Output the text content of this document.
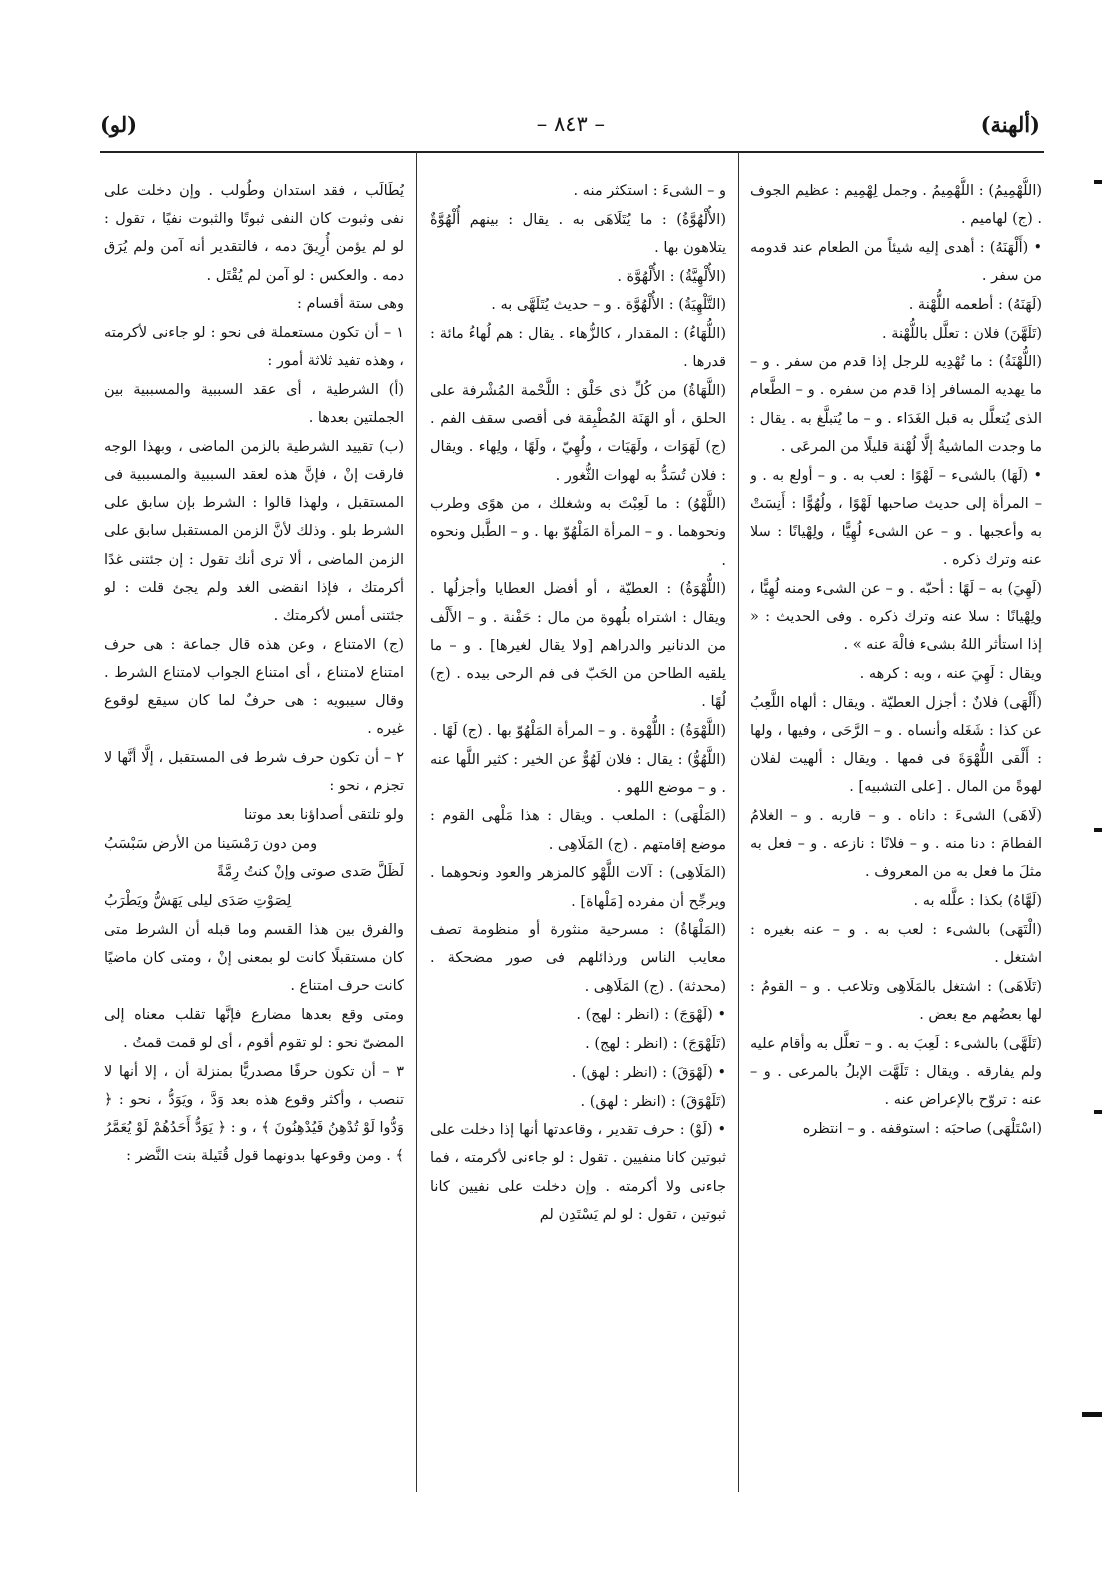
(ألهنة)
– ٨٤٣ –
(لو)

(اللُّهْمِيمُ) : اللُّهْمِيمُ . وجمل لِهْمِيم : عظيم الجوف . (ج) لهاميم .

• (أَلْهَنَهُ) : أهدى إليه شيئاً من الطعام عند قدومه من سفر .

(لَهَنَهُ) : أطعمه اللُّهْنة .

(تَلَهَّنَ) فلان : تعلَّل باللُّهْنة .

(اللُّهْنَةُ) : ما تُهْدِيه للرجل إذا قدم من سفر . و – ما يهديه المسافر إذا قدم من سفره . و – الطَّعام الذى يُتعلَّل به قبل الغَدَاء . و – ما يُتبلَّغ به . يقال : ما وجدت الماشيةُ إلَّا لُهْنة قليلًا من المرعَى .

• (لَهَا) بالشىء – لَهْوًا : لعب به . و – أولع به . و – المرأة إلى حديث صاحبها لَهْوًا ، ولُهُوًّا : أَنِسَتْ به وأعجبها . و – عن الشىء لُهِيًّا ، ولِهْيانًا : سلا عنه وترك ذكره .

(لَهِيَ) به – لَهًا : أحبّه . و – عن الشىء ومنه لُهِيًّا ، ولِهْيانًا : سلا عنه وترك ذكره . وفى الحديث : « إذا استأثر اللهُ بشىء فالْهَ عنه » .

ويقال : لَهِيَ عنه ، وبه : كرهه .

(أَلْهَى) فلانٌ : أجزل العطيّة . ويقال : ألهاه اللَّعِبُ عن كذا : شَغَله وأنساه . و – الرَّحَى ، وفيها ، ولها : أَلْقى اللُّهْوَةَ فى فمها . ويقال : ألهيت لفلان لهوةً من المال . [على التشبيه] .

(لَاهَى) الشىءَ : داناه . و – قاربه . و – الغلامُ الفطامَ : دنا منه . و – فلانًا : نازعه . و – فعل به مثلَ ما فعل به من المعروف .

(لَهَّاهُ) بكذا : علَّله به .

(الْتَهَى) بالشىء : لعب به . و – عنه بغيره : اشتغل .

(تَلَاهَى) : اشتغل بالمَلَاهِى وتلاعب . و – القومُ : لها بعضُهم مع بعض .

(تَلَهَّى) بالشىء : لَعِبَ به . و – تعلَّل به وأقام عليه ولم يفارقه . ويقال : تَلَهَّت الإبلُ بالمرعى . و – عنه : تروّح بالإعراض عنه .

(اسْتَلْهَى) صاحبَه : استوقفه . و – انتظره

و – الشىءَ : استكثر منه .

(الأُلْهُوَّةُ) : ما يُتَلَاهَى به . يقال : بينهم أُلْهُوَّةٌ يتلاهون بها .

(الأُلْهِيَّةُ) : الأُلْهُوَّة .

(التَّلْهِيَةُ) : الأُلْهُوَّة . و – حديث يُتَلَهَّى به .

(اللُّهَاءُ) : المقدار ، كالزُّهاء . يقال : هم لُهاءُ مائة : قدرها .

(اللَّهَاةُ) من كُلِّ ذى حَلْق : اللَّحْمة المُشْرفة على الحلق ، أو الهَنَة المُطْبِقة فى أقصى سقف الفم . (ج) لَهَوَات ، ولَهَيَات ، ولُهِيّ ، ولَهًا ، ولِهاء . ويقال : فلان تُسَدُّ به لهوات الثُّغور .

(اللَّهْوُ) : ما لَعِبْتَ به وشغلك ، من هوًى وطرب ونحوهما . و – المرأة المَلْهُوّ بها . و – الطَّبل ونحوه .

(اللُّهْوَةُ) : العطيّة ، أو أفضل العطايا وأجزلُها . ويقال : اشتراه بلُهوة من مال : حَفْنة . و – الأَلْف من الدنانير والدراهم [ولا يقال لغيرها] . و – ما يلقيه الطاحن من الحَبّ فى فم الرحى بيده . (ج) لُهًا .

(اللَّهْوَةُ) : اللُّهْوة . و – المرأة المَلْهُوّ بها . (ج) لَهًا .

(اللَّهُوُّ) : يقال : فلان لَهُوٌّ عن الخير : كثير اللَّها عنه . و – موضع اللهو .

(المَلْهَى) : الملعب . ويقال : هذا مَلْهى القوم : موضع إقامتهم . (ج) المَلَاهِى .

(المَلَاهِى) : آلات اللَّهْو كالمزهر والعود ونحوهما . ويرجِّح أن مفرده [مَلْهاة] .

(المَلْهَاةُ) : مسرحية منثورة أو منظومة تصف معايب الناس ورذائلهم فى صور مضحكة . (محدثة) . (ج) المَلَاهِى .

• (لَهْوَجَ) : (انظر : لهج) .

(تَلَهْوَجَ) : (انظر : لهج) .

• (لَهْوَقَ) : (انظر : لهق) .

(تَلَهْوَقَ) : (انظر : لهق) .

• (لَوْ) : حرف تقدير ، وقاعدتها أنها إذا دخلت على ثبوتين كانا منفيين . تقول : لو جاءنى لأكرمته ، فما جاءنى ولا أكرمته . وإن دخلت على نفيين كانا ثبوتين ، تقول : لو لم يَسْتَدِن لم

يُطَالَب ، فقد استدان وطُولب . وإن دخلت على نفى وثبوت كان النفى ثبوتًا والثبوت نفيًا ، تقول : لو لم يؤمن أُرِيقَ دمه ، فالتقدير أنه آمن ولم يُرَق دمه . والعكس : لو آمن لم يُقْتَل .

وهى ستة أقسام :

١ – أن تكون مستعملة فى نحو : لو جاءنى لأكرمته ، وهذه تفيد ثلاثة أمور :

(أ) الشرطية ، أى عقد السببية والمسببية بين الجملتين بعدها .

(ب) تقييد الشرطية بالزمن الماضى ، وبهذا الوجه فارقت إنْ ، فإنَّ هذه لعقد السببية والمسببية فى المستقبل ، ولهذا قالوا : الشرط بإن سابق على الشرط بلو . وذلك لأنَّ الزمن المستقبل سابق على الزمن الماضى ، ألا ترى أنك تقول : إن جئتنى غدًا أكرمتك ، فإذا انقضى الغد ولم يجئ قلت : لو جئتنى أمس لأكرمتك .

(ج) الامتناع ، وعن هذه قال جماعة : هى حرف امتناع لامتناع ، أى امتناع الجواب لامتناع الشرط . وقال سيبويه : هى حرفٌ لما كان سيقع لوقوع غيره .

٢ – أن تكون حرف شرط فى المستقبل ، إلَّا أنَّها لا تجزم ، نحو :

ولو تلتقى أصداؤنا بعد موتنا

ومن دون رَمْسَينا من الأرض سَبْسَبُ

لَظَلَّ صَدى صوتى وإنْ كنتُ رِمَّةً

لِصَوْتِ صَدَى ليلى يَهَشُّ ويَطْرَبُ

والفرق بين هذا القسم وما قبله أن الشرط متى كان مستقبلًا كانت لو بمعنى إنْ ، ومتى كان ماضيًا كانت حرف امتناع .

ومتى وقع بعدها مضارع فإنَّها تقلب معناه إلى المضىّ نحو : لو تقوم أقوم ، أى لو قمت قمتُ .

٣ – أن تكون حرفًا مصدريًّا بمنزلة أن ، إلا أنها لا تنصب ، وأكثر وقوع هذه بعد وَدَّ ، ويَوَدُّ ، نحو : ﴿ وَدُّوا لَوْ تُدْهِنُ فَيُدْهِنُونَ ﴾ ، و : ﴿ يَوَدُّ أَحَدُهُمْ لَوْ يُعَمَّرُ ﴾ . ومن وقوعها بدونهما قول قُتَيلة بنت النَّضر :
